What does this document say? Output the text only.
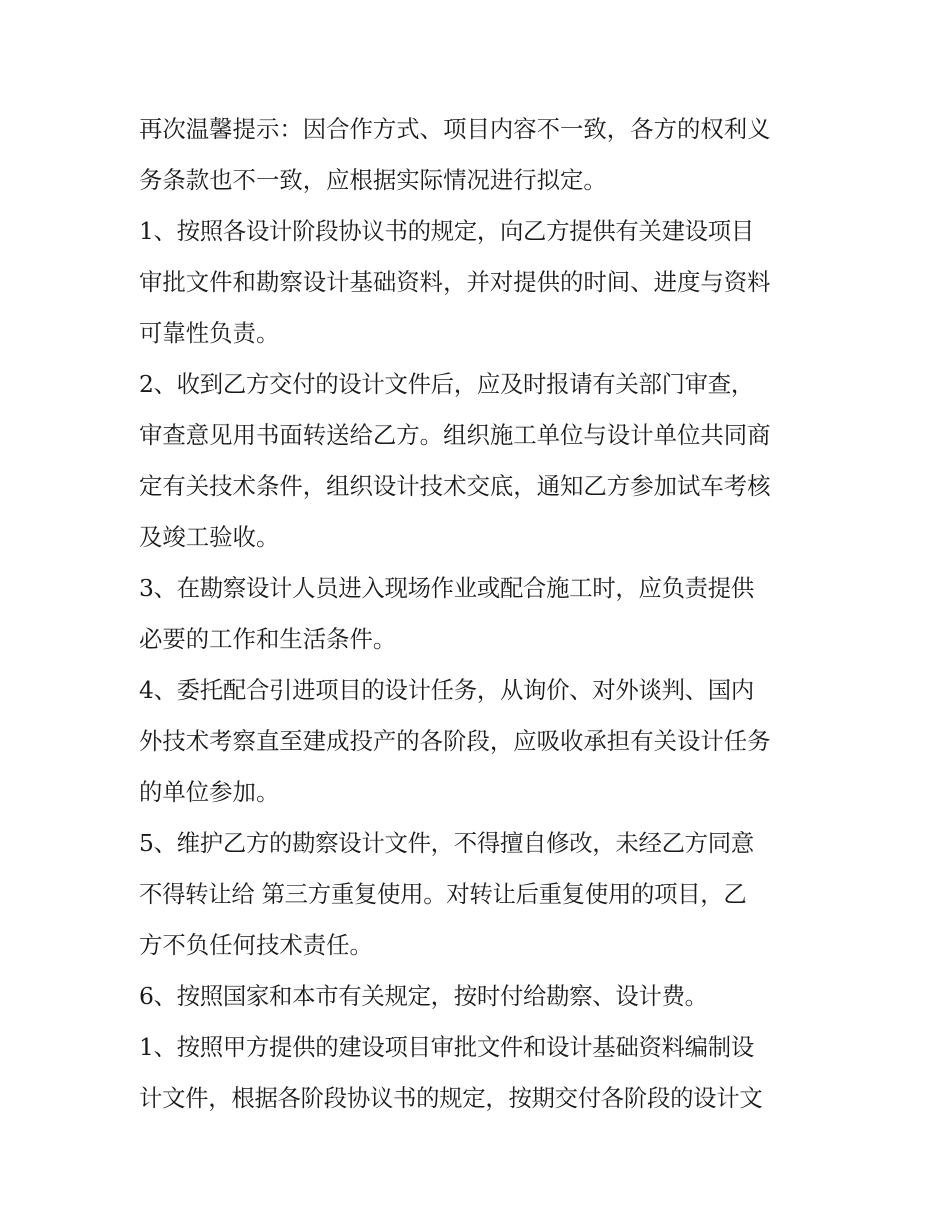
再次温馨提示：因合作方式、项目内容不一致，各方的权利义
务条款也不一致，应根据实际情况进行拟定。
1、按照各设计阶段协议书的规定，向乙方提供有关建设项目
审批文件和勘察设计基础资料，并对提供的时间、进度与资料
可靠性负责。
2、收到乙方交付的设计文件后，应及时报请有关部门审查，
审查意见用书面转送给乙方。组织施工单位与设计单位共同商
定有关技术条件，组织设计技术交底，通知乙方参加试车考核
及竣工验收。
3、在勘察设计人员进入现场作业或配合施工时，应负责提供
必要的工作和生活条件。
4、委托配合引进项目的设计任务，从询价、对外谈判、国内
外技术考察直至建成投产的各阶段，应吸收承担有关设计任务
的单位参加。
5、维护乙方的勘察设计文件，不得擅自修改，未经乙方同意
不得转让给 第三方重复使用。对转让后重复使用的项目，乙
方不负任何技术责任。
6、按照国家和本市有关规定，按时付给勘察、设计费。
1、按照甲方提供的建设项目审批文件和设计基础资料编制设
计文件，根据各阶段协议书的规定，按期交付各阶段的设计文
